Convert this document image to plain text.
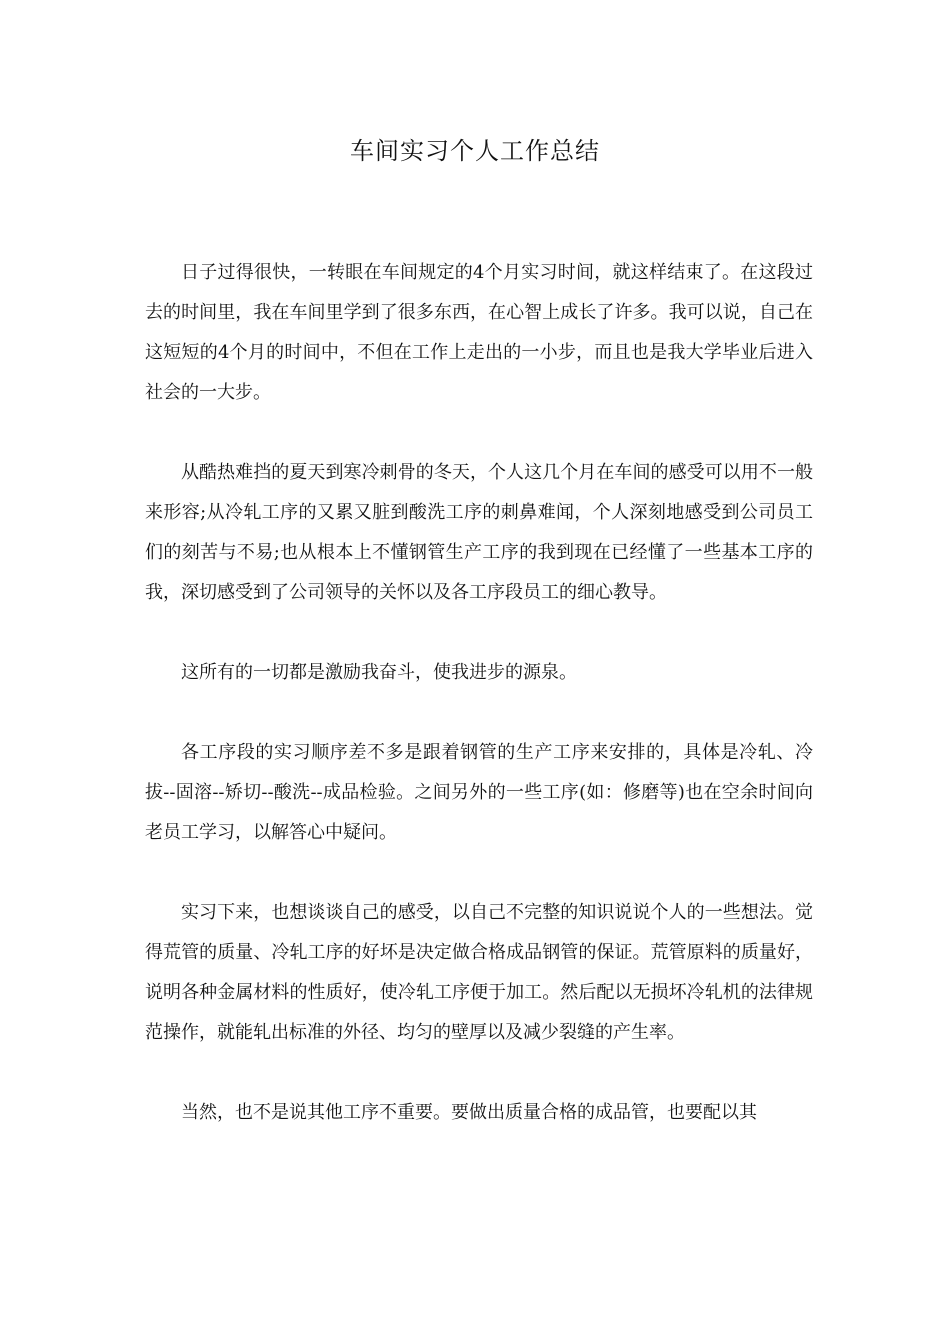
车间实习个人工作总结

日子过得很快，一转眼在车间规定的4个月实习时间，就这样结束了。在这段过去的时间里，我在车间里学到了很多东西，在心智上成长了许多。我可以说，自己在这短短的4个月的时间中，不但在工作上走出的一小步，而且也是我大学毕业后进入社会的一大步。

从酷热难挡的夏天到寒冷刺骨的冬天，个人这几个月在车间的感受可以用不一般来形容;从冷轧工序的又累又脏到酸洗工序的刺鼻难闻，个人深刻地感受到公司员工们的刻苦与不易;也从根本上不懂钢管生产工序的我到现在已经懂了一些基本工序的我，深切感受到了公司领导的关怀以及各工序段员工的细心教导。

这所有的一切都是激励我奋斗，使我进步的源泉。

各工序段的实习顺序差不多是跟着钢管的生产工序来安排的，具体是冷轧、冷拔--固溶--矫切--酸洗--成品检验。之间另外的一些工序(如：修磨等)也在空余时间向老员工学习，以解答心中疑问。

实习下来，也想谈谈自己的感受，以自己不完整的知识说说个人的一些想法。觉得荒管的质量、冷轧工序的好坏是决定做合格成品钢管的保证。荒管原料的质量好，说明各种金属材料的性质好，使冷轧工序便于加工。然后配以无损坏冷轧机的法律规范操作，就能轧出标准的外径、均匀的壁厚以及减少裂缝的产生率。

当然，也不是说其他工序不重要。要做出质量合格的成品管，也要配以其
